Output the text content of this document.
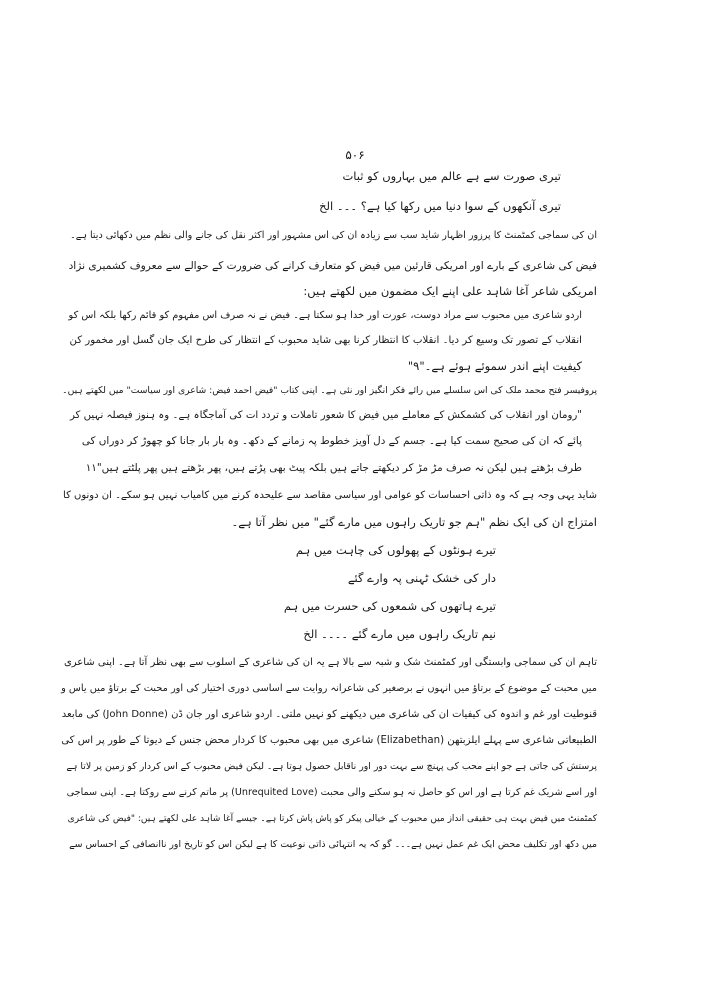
۵۰۶
تیری صورت سے ہے عالم میں بہاروں کو ثبات
تیری آنکھوں کے سوا دنیا میں رکھا کیا ہے؟ ۔۔۔ الخ
ان کی سماجی کمٹمنٹ کا پرزور اظہار شاید سب سے زیادہ ان کی اس مشہور اور اکثر نقل کی جانے والی نظم میں دکھائی دیتا ہے۔
فیض کی شاعری کے بارے اور امریکی قارئین میں فیض کو متعارف کرانے کی ضرورت کے حوالے سے معروف کشمیری نژاد
امریکی شاعر آغا شاہد علی اپنے ایک مضمون میں لکھتے ہیں:
اردو شاعری میں محبوب سے مراد دوست، عورت اور خدا ہو سکتا ہے۔ فیض نے نہ صرف اس مفہوم کو قائم رکھا بلکہ اس کو
انقلاب کے تصور تک وسیع کر دیا۔ انقلاب کا انتظار کرنا بھی شاید محبوب کے انتظار کی طرح ایک جان گسل اور مخمور کن
کیفیت اپنے اندر سموئے ہوئے ہے۔"۹"
پروفیسر فتح محمد ملک کی اس سلسلے میں رائے فکر انگیز اور نئی ہے۔ اپنی کتاب "فیض احمد فیض: شاعری اور سیاست" میں لکھتے ہیں۔
"رومان اور انقلاب کی کشمکش کے معاملے میں فیض کا شعور تاملات و تردد ات کی آماجگاہ ہے۔ وہ ہنوز فیصلہ نہیں کر
پائے کہ ان کی صحیح سمت کیا ہے۔ جسم کے دل آویز خطوط پہ زمانے کے دکھ۔ وہ بار بار جانا کو چھوڑ کر دوراں کی
طرف بڑھتے ہیں لیکن نہ صرف مڑ مڑ کر دیکھتے جاتے ہیں بلکہ پیٹ بھی پڑتے ہیں، پھر بڑھتے ہیں پھر پلٹتے ہیں"۱۱
شاید یہی وجہ ہے کہ وہ ذاتی احساسات کو عوامی اور سیاسی مقاصد سے علیحدہ کرنے میں کامیاب نہیں ہو سکے۔ ان دونوں کا
امتزاج ان کی ایک نظم "ہم جو تاریک راہوں میں مارے گئے" میں نظر آتا ہے۔
تیرے ہونٹوں کے پھولوں کی چاہت میں ہم
دار کی خشک ٹہنی پہ وارے گئے
تیرے ہاتھوں کی شمعوں کی حسرت میں ہم
نیم تاریک راہوں میں مارے گئے ۔۔۔۔ الخ
تاہم ان کی سماجی وابستگی اور کمٹمنٹ شک و شبہ سے بالا ہے یہ ان کی شاعری کے اسلوب سے بھی نظر آتا ہے۔ اپنی شاعری
میں محبت کے موضوع کے برتاؤ میں انہوں نے برصغیر کی شاعرانہ روایت سے اساسی دوری اختیار کی اور محبت کے برتاؤ میں یاس و
قنوطیت اور غم و اندوہ کی کیفیات ان کی شاعری میں دیکھنے کو نہیں ملتی۔ اردو شاعری اور جان ڈن (John Donne) کی مابعد
الطبیعاتی شاعری سے پہلے ایلزبتھن (Elizabethan) شاعری میں بھی محبوب کا کردار محض جنس کے دیوتا کے طور پر اس کی
پرستش کی جاتی ہے جو اپنے محب کی پہنچ سے بہت دور اور ناقابل حصول ہوتا ہے۔ لیکن فیض محبوب کے اس کردار کو زمین پر لاتا ہے
اور اسے شریک غم کرتا ہے اور اس کو حاصل نہ ہو سکنے والی محبت (Unrequited Love) پر ماتم کرنے سے روکتا ہے۔ اپنی سماجی
کمٹمنٹ میں فیض بہت ہی حقیقی انداز میں محبوب کے خیالی پیکر کو پاش پاش کرتا ہے۔ جیسے آغا شاہد علی لکھتے ہیں: "فیض کی شاعری
میں دکھ اور تکلیف محض ایک غم عمل نہیں ہے۔۔۔ گو کہ یہ انتہائی ذاتی نوعیت کا ہے لیکن اس کو تاریخ اور ناانصافی کے احساس سے
